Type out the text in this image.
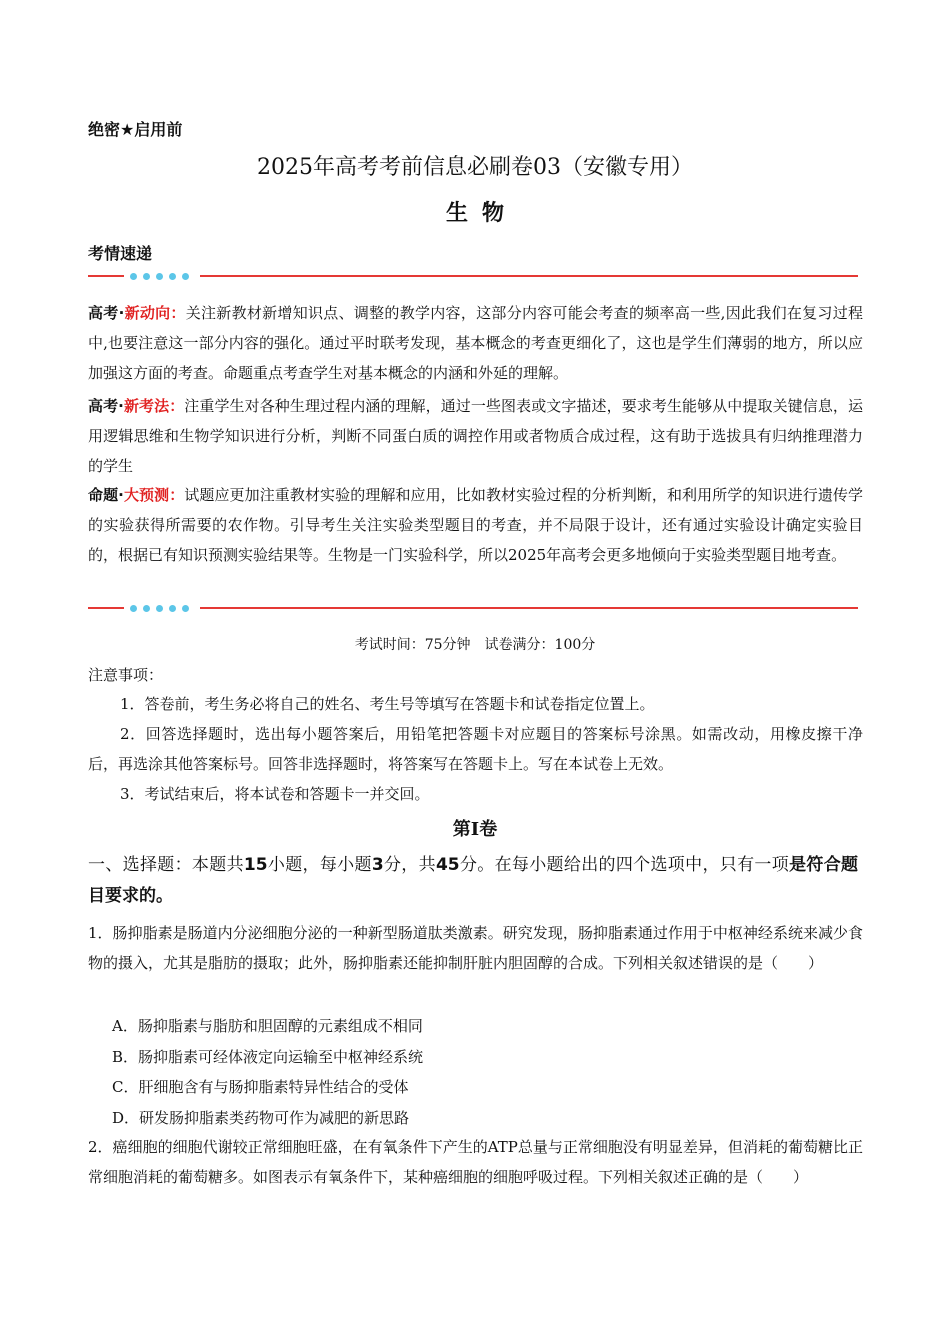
绝密★启用前
2025年高考考前信息必刷卷03（安徽专用）
生物
考情速递
高考·新动向：关注新教材新增知识点、调整的教学内容，这部分内容可能会考查的频率高一些,因此我们在复习过程中,也要注意这一部分内容的强化。通过平时联考发现，基本概念的考查更细化了，这也是学生们薄弱的地方，所以应加强这方面的考查。命题重点考查学生对基本概念的内涵和外延的理解。
高考·新考法：注重学生对各种生理过程内涵的理解，通过一些图表或文字描述，要求考生能够从中提取关键信息，运用逻辑思维和生物学知识进行分析，判断不同蛋白质的调控作用或者物质合成过程，这有助于选拔具有归纳推理潜力的学生
命题·大预测：试题应更加注重教材实验的理解和应用，比如教材实验过程的分析判断，和利用所学的知识进行遗传学的实验获得所需要的农作物。引导考生关注实验类型题目的考查，并不局限于设计，还有通过实验设计确定实验目的，根据已有知识预测实验结果等。生物是一门实验科学，所以2025年高考会更多地倾向于实验类型题目地考查。
考试时间：75分钟　试卷满分：100分
注意事项：
1．答卷前，考生务必将自己的姓名、考生号等填写在答题卡和试卷指定位置上。
2．回答选择题时，选出每小题答案后，用铅笔把答题卡对应题目的答案标号涂黑。如需改动，用橡皮擦干净后，再选涂其他答案标号。回答非选择题时，将答案写在答题卡上。写在本试卷上无效。
3．考试结束后，将本试卷和答题卡一并交回。
第I卷
一、选择题：本题共15小题，每小题3分，共45分。在每小题给出的四个选项中，只有一项是符合题目要求的。
1．肠抑脂素是肠道内分泌细胞分泌的一种新型肠道肽类激素。研究发现，肠抑脂素通过作用于中枢神经系统来减少食物的摄入，尤其是脂肪的摄取；此外，肠抑脂素还能抑制肝脏内胆固醇的合成。下列相关叙述错误的是（　　）
A．肠抑脂素与脂肪和胆固醇的元素组成不相同
B．肠抑脂素可经体液定向运输至中枢神经系统
C．肝细胞含有与肠抑脂素特异性结合的受体
D．研发肠抑脂素类药物可作为减肥的新思路
2．癌细胞的细胞代谢较正常细胞旺盛，在有氧条件下产生的ATP总量与正常细胞没有明显差异，但消耗的葡萄糖比正常细胞消耗的葡萄糖多。如图表示有氧条件下，某种癌细胞的细胞呼吸过程。下列相关叙述正确的是（　　）
